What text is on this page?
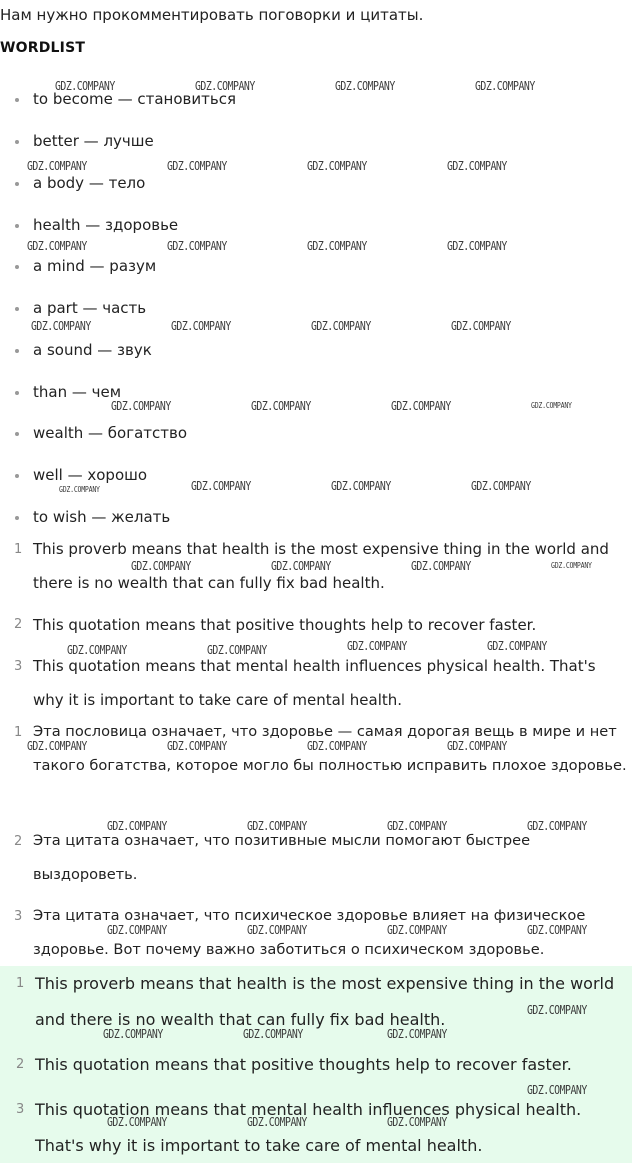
Нам нужно прокомментировать поговорки и цитаты.
WORDLIST
to become — становиться
better — лучше
a body — тело
health — здоровье
a mind — разум
a part — часть
a sound — звук
than — чем
wealth — богатство
well — хорошо
to wish — желать
1 This proverb means that health is the most expensive thing in the world and there is no wealth that can fully fix bad health.
2 This quotation means that positive thoughts help to recover faster.
3 This quotation means that mental health influences physical health. That's why it is important to take care of mental health.
1 Эта пословица означает, что здоровье — самая дорогая вещь в мире и нет такого богатства, которое могло бы полностью исправить плохое здоровье.
2 Эта цитата означает, что позитивные мысли помогают быстрее выздороветь.
3 Эта цитата означает, что психическое здоровье влияет на физическое здоровье. Вот почему важно заботиться о психическом здоровье.
1 This proverb means that health is the most expensive thing in the world and there is no wealth that can fully fix bad health.
2 This quotation means that positive thoughts help to recover faster.
3 This quotation means that mental health influences physical health. That's why it is important to take care of mental health.
GDZ.COMPANY	GDZ.COMPANY	GDZ.COMPANY	GDZ.COMPANY
GDZ.COMPANY	GDZ.COMPANY	GDZ.COMPANY	GDZ.COMPANY
GDZ.COMPANY	GDZ.COMPANY	GDZ.COMPANY	GDZ.COMPANY
GDZ.COMPANY	GDZ.COMPANY	GDZ.COMPANY	GDZ.COMPANY
GDZ.COMPANY	GDZ.COMPANY	GDZ.COMPANY	GDZ.COMPANY
GDZ.COMPANY	GDZ.COMPANY	GDZ.COMPANY	GDZ.COMPANY
GDZ.COMPANY	GDZ.COMPANY	GDZ.COMPANY	GDZ.COMPANY
GDZ.COMPANY	GDZ.COMPANY	GDZ.COMPANY	GDZ.COMPANY
GDZ.COMPANY	GDZ.COMPANY	GDZ.COMPANY	GDZ.COMPANY
GDZ.COMPANY	GDZ.COMPANY	GDZ.COMPANY	GDZ.COMPANY
GDZ.COMPANY	GDZ.COMPANY	GDZ.COMPANY	GDZ.COMPANY
GDZ.COMPANY
GDZ.COMPANY	GDZ.COMPANY	GDZ.COMPANY
GDZ.COMPANY
GDZ.COMPANY	GDZ.COMPANY	GDZ.COMPANY
